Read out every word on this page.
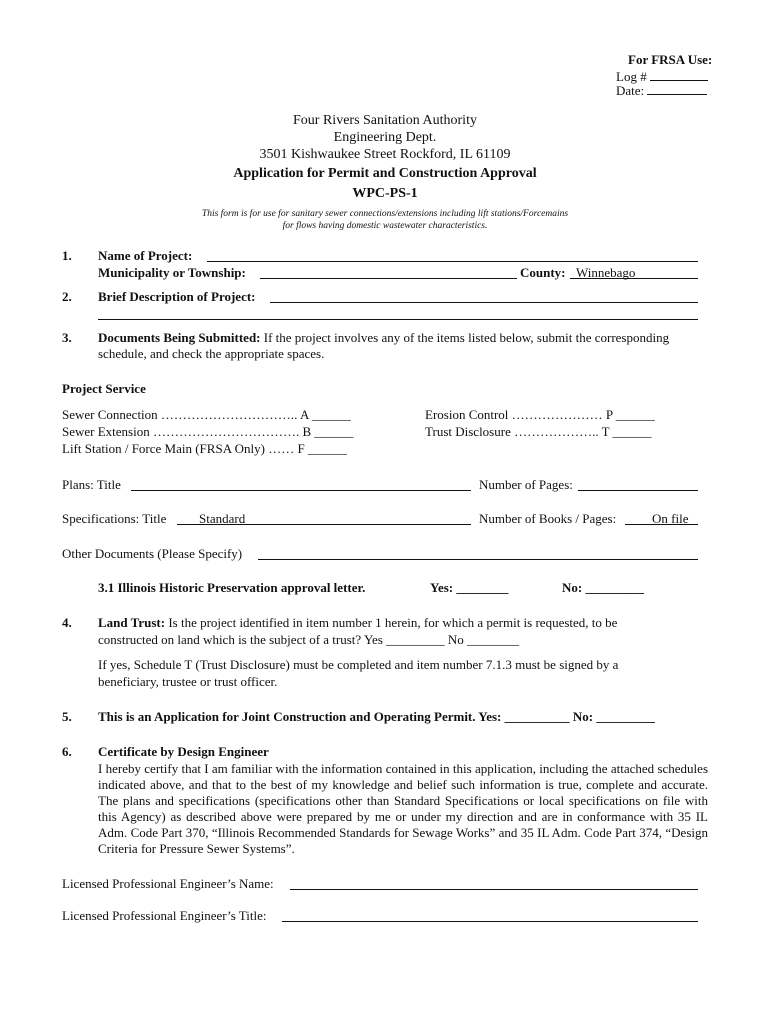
For FRSA Use:
Log #
Date:
Four Rivers Sanitation Authority
Engineering Dept.
3501 Kishwaukee Street Rockford, IL 61109
Application for Permit and Construction Approval
WPC-PS-1
This form is for use for sanitary sewer connections/extensions including lift stations/Forcemains
for flows having domestic wastewater characteristics.
1. Name of Project:
Municipality or Township:	County: Winnebago
2. Brief Description of Project:
3. Documents Being Submitted: If the project involves any of the items listed below, submit the corresponding
schedule, and check the appropriate spaces.
Project Service
Sewer Connection ………………………….. A ______
Sewer Extension ……………………………. B ______
Lift Station / Force Main (FRSA Only) …… F ______
Erosion Control ………………… P ______
Trust Disclosure ……………….. T ______
Plans: Title	Number of Pages:
Specifications: Title	Standard	Number of Books / Pages:	On file
Other Documents (Please Specify)
3.1 Illinois Historic Preservation approval letter.	Yes: ________	No: _________
4. Land Trust: Is the project identified in item number 1 herein, for which a permit is requested, to be
constructed on land which is the subject of a trust? Yes _________ No ________
If yes, Schedule T (Trust Disclosure) must be completed and item number 7.1.3 must be signed by a
beneficiary, trustee or trust officer.
5. This is an Application for Joint Construction and Operating Permit. Yes: __________ No: _________
6. Certificate by Design Engineer
I hereby certify that I am familiar with the information contained in this application, including the attached schedules indicated above, and that to the best of my knowledge and belief such information is true, complete and accurate. The plans and specifications (specifications other than Standard Specifications or local specifications on file with this Agency) as described above were prepared by me or under my direction and are in conformance with 35 IL Adm. Code Part 370, “Illinois Recommended Standards for Sewage Works” and 35 IL Adm. Code Part 374, “Design Criteria for Pressure Sewer Systems”.
Licensed Professional Engineer’s Name:
Licensed Professional Engineer’s Title:
